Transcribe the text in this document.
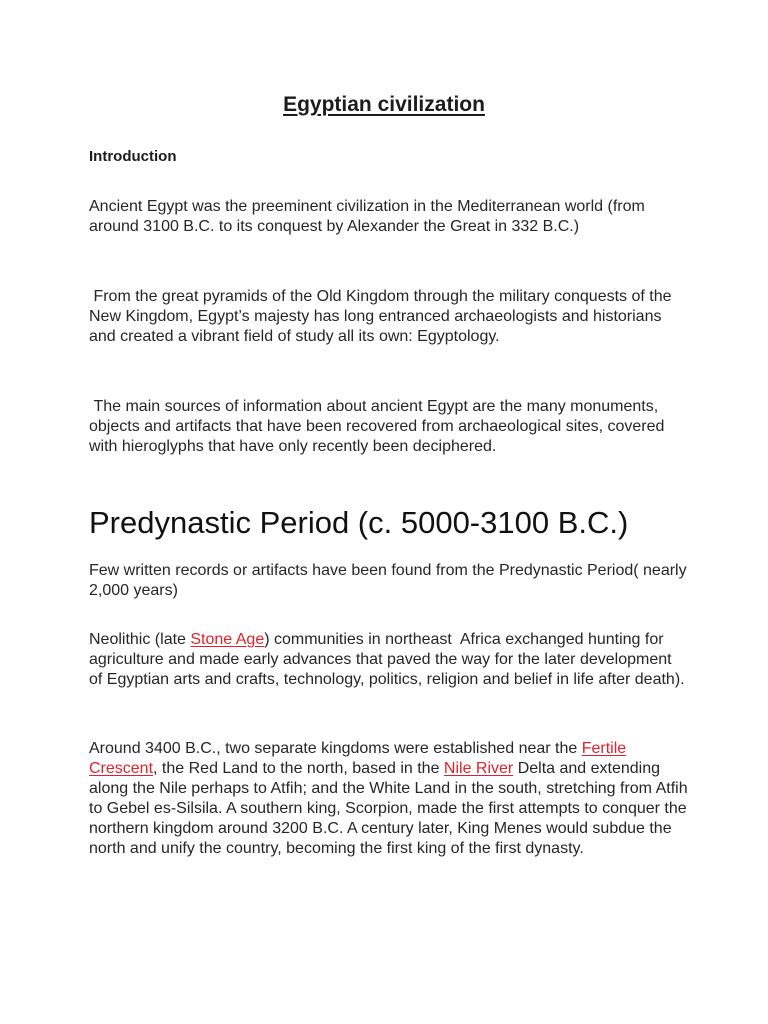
Egyptian civilization
Introduction

Ancient Egypt was the preeminent civilization in the Mediterranean world (from around 3100 B.C. to its conquest by Alexander the Great in 332 B.C.)

From the great pyramids of the Old Kingdom through the military conquests of the New Kingdom, Egypt’s majesty has long entranced archaeologists and historians and created a vibrant field of study all its own: Egyptology.

The main sources of information about ancient Egypt are the many monuments, objects and artifacts that have been recovered from archaeological sites, covered with hieroglyphs that have only recently been deciphered.

Predynastic Period (c. 5000-3100 B.C.)

Few written records or artifacts have been found from the Predynastic Period( nearly 2,000 years)

Neolithic (late Stone Age) communities in northeast  Africa exchanged hunting for agriculture and made early advances that paved the way for the later development of Egyptian arts and crafts, technology, politics, religion and belief in life after death).

Around 3400 B.C., two separate kingdoms were established near the Fertile Crescent, the Red Land to the north, based in the Nile River Delta and extending along the Nile perhaps to Atfih; and the White Land in the south, stretching from Atfih to Gebel es-Silsila. A southern king, Scorpion, made the first attempts to conquer the northern kingdom around 3200 B.C. A century later, King Menes would subdue the north and unify the country, becoming the first king of the first dynasty.
